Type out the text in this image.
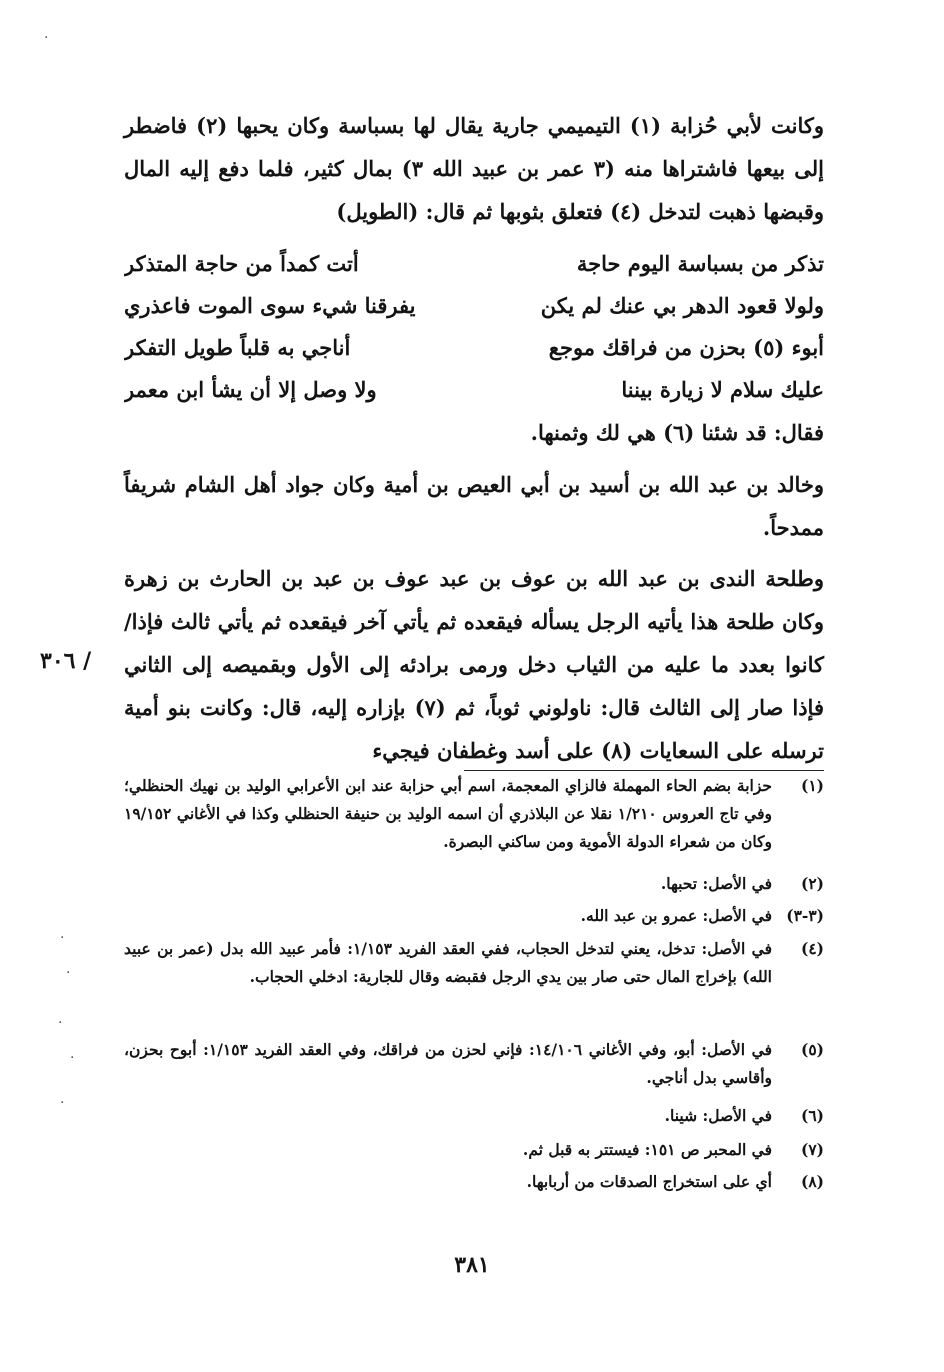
وكانت لأبي حُزابة (١) التيميمي جارية يقال لها بسباسة وكان يحبها (٢) فاضطر إلى بيعها فاشتراها منه (٣ عمر بن عبيد الله ٣) بمال كثير، فلما دفع إليه المال وقبضها ذهبت لتدخل (٤) فتعلق بثوبها ثم قال: (الطويل)

تذكر من بسباسة اليوم حاجة
أتت كمداً من حاجة المتذكر
ولولا قعود الدهر بي عنك لم يكن
يفرقنا شيء سوى الموت فاعذري
أبوء (٥) بحزن من فراقك موجع
أناجي به قلباً طويل التفكر
عليك سلام لا زيارة بيننا
ولا وصل إلا أن يشأ ابن معمر

فقال: قد شئنا (٦) هي لك وثمنها.

وخالد بن عبد الله بن أسيد بن أبي العيص بن أمية وكان جواد أهل الشام شريفاً ممدحاً.

وطلحة الندى بن عبد الله بن عوف بن عبد عوف بن عبد بن الحارث بن زهرة وكان طلحة هذا يأتيه الرجل يسأله فيقعده ثم يأتي آخر فيقعده ثم يأتي ثالث فإذا/ كانوا بعدد ما عليه من الثياب دخل ورمى برادئه إلى الأول وبقميصه إلى الثاني فإذا صار إلى الثالث قال: ناولوني ثوباً، ثم (٧) بإزاره إليه، قال: وكانت بنو أمية ترسله على السعايات (٨) على أسد وغطفان فيجيء

٣٠٦ /
(١)
حزابة بضم الحاء المهملة فالزاي المعجمة، اسم أبي حزابة عند ابن الأعرابي الوليد بن نهيك الحنظلي؛ وفي تاج العروس ١/٢١٠ نقلا عن البلاذري أن اسمه الوليد بن حنيفة الحنظلي وكذا في الأغاني ١٩/١٥٢ وكان من شعراء الدولة الأموية ومن ساكني البصرة.
(٢)
في الأصل: تحبها.
(٣-٣)
في الأصل: عمرو بن عبد الله.
(٤)
في الأصل: تدخل، يعني لتدخل الحجاب، ففي العقد الفريد ١/١٥٣: فأمر عبيد الله بدل (عمر بن عبيد الله) بإخراج المال حتى صار بين يدي الرجل فقبضه وقال للجارية: ادخلي الحجاب.
(٥)
في الأصل: أبو، وفي الأغاني ١٤/١٠٦: فإني لحزن من فراقك، وفي العقد الفريد ١/١٥٣: أبوح بحزن، وأقاسي بدل أناجي.
(٦)
في الأصل: شينا.
(٧)
في المحبر ص ١٥١: فيستتر به قبل ثم.
(٨)
أي على استخراج الصدقات من أربابها.
٣٨١
·
·
·
·
·
·
